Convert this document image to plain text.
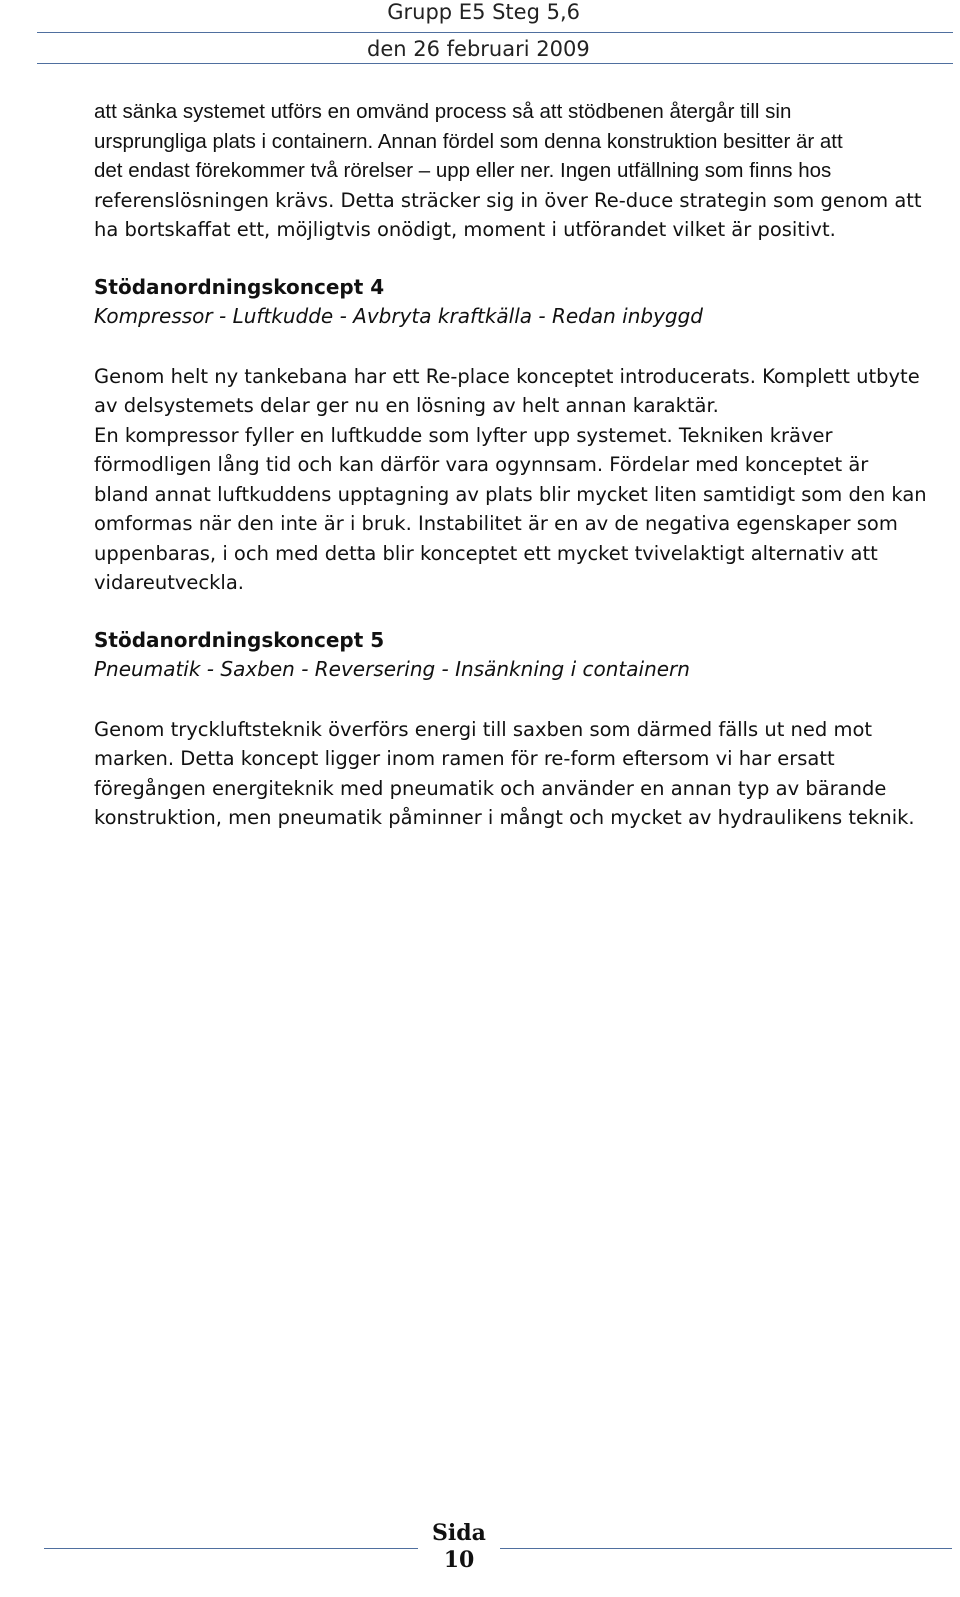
Grupp E5 Steg 5,6
den 26 februari 2009
att sänka systemet utförs en omvänd process så att stödbenen återgår till sin
ursprungliga plats i containern. Annan fördel som denna konstruktion besitter är att
det endast förekommer två rörelser – upp eller ner. Ingen utfällning som finns hos
referenslösningen krävs. Detta sträcker sig in över Re-duce strategin som genom att
ha bortskaffat ett, möjligtvis onödigt, moment i utförandet vilket är positivt.
Stödanordningskoncept 4
Kompressor - Luftkudde - Avbryta kraftkälla - Redan inbyggd
Genom helt ny tankebana har ett Re-place konceptet introducerats. Komplett utbyte
av delsystemets delar ger nu en lösning av helt annan karaktär.
En kompressor fyller en luftkudde som lyfter upp systemet. Tekniken kräver
förmodligen lång tid och kan därför vara ogynnsam. Fördelar med konceptet är
bland annat luftkuddens upptagning av plats blir mycket liten samtidigt som den kan
omformas när den inte är i bruk. Instabilitet är en av de negativa egenskaper som
uppenbaras, i och med detta blir konceptet ett mycket tvivelaktigt alternativ att
vidareutveckla.
Stödanordningskoncept 5
Pneumatik - Saxben - Reversering - Insänkning i containern
Genom tryckluftsteknik överförs energi till saxben som därmed fälls ut ned mot
marken. Detta koncept ligger inom ramen för re-form eftersom vi har ersatt
föregången energiteknik med pneumatik och använder en annan typ av bärande
konstruktion, men pneumatik påminner i mångt och mycket av hydraulikens teknik.
Sida
10
